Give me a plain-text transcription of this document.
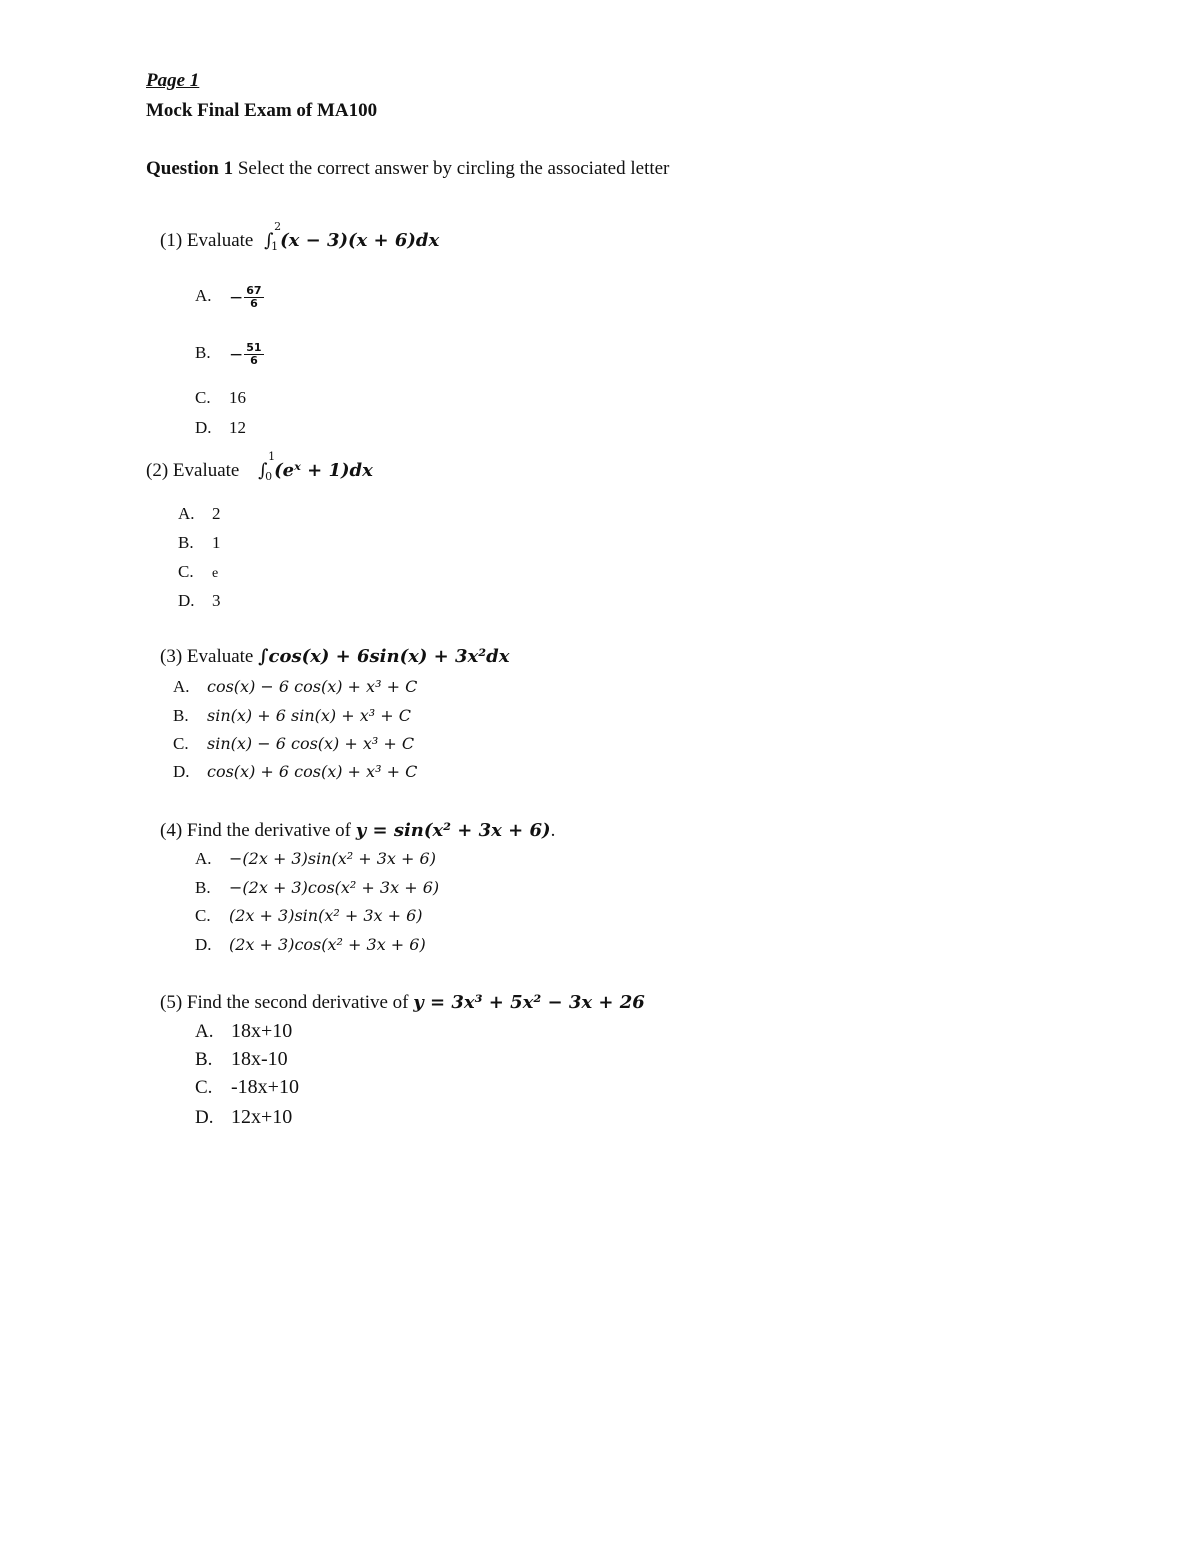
Page 1
Mock Final Exam of MA100
Question 1 Select the correct answer by circling the associated letter
(1) Evaluate ∫
2
1 (x − 3)(x + 6)dx
A. − $\frac{67}{6}$
B. − $\frac{51}{6}$
C. 16
D. 12
(2) Evaluate ∫
1
0 (eˣ + 1)dx
A. 2
B. 1
C. e
D. 3
(3) Evaluate ∫cos(x) + 6sin(x) + 3x²dx
A. cos(x) − 6 cos(x) + x³ + C
B. sin(x) + 6 sin(x) + x³ + C
C. sin(x) − 6 cos(x) + x³ + C
D. cos(x) + 6 cos(x) + x³ + C
(4) Find the derivative of y = sin(x² + 3x + 6).
A. −(2x + 3)sin(x² + 3x + 6)
B. −(2x + 3)cos(x² + 3x + 6)
C. (2x + 3)sin(x² + 3x + 6)
D. (2x + 3)cos(x² + 3x + 6)
(5) Find the second derivative of y = 3x³ + 5x² − 3x + 26
A. 18x+10
B. 18x-10
C. -18x+10
D. 12x+10
